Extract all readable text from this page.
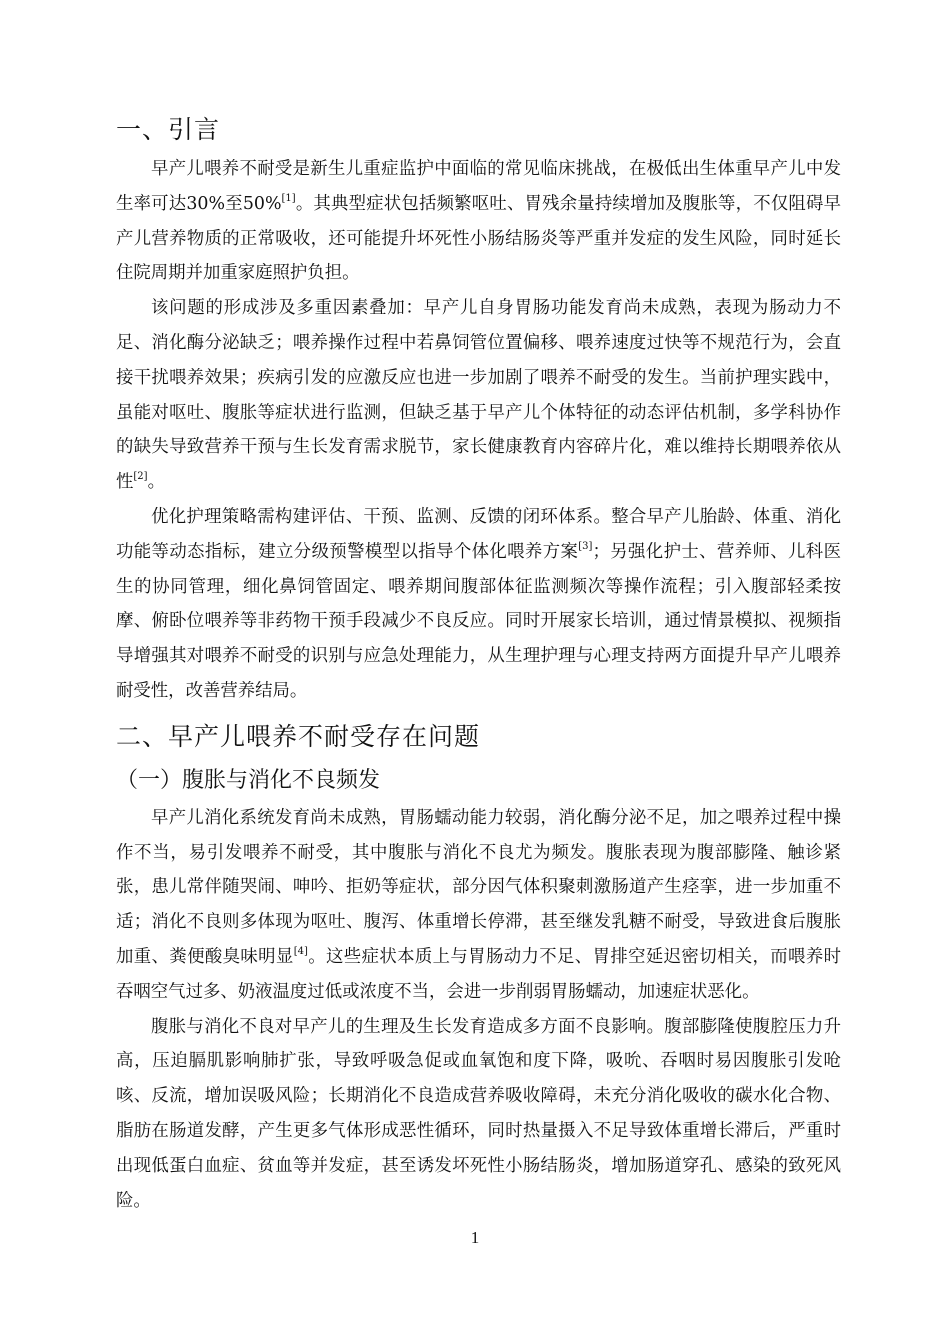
一、引言

早产儿喂养不耐受是新生儿重症监护中面临的常见临床挑战，在极低出生体重早产儿中发生率可达30%至50%[1]。其典型症状包括频繁呕吐、胃残余量持续增加及腹胀等，不仅阻碍早产儿营养物质的正常吸收，还可能提升坏死性小肠结肠炎等严重并发症的发生风险，同时延长住院周期并加重家庭照护负担。

该问题的形成涉及多重因素叠加：早产儿自身胃肠功能发育尚未成熟，表现为肠动力不足、消化酶分泌缺乏；喂养操作过程中若鼻饲管位置偏移、喂养速度过快等不规范行为，会直接干扰喂养效果；疾病引发的应激反应也进一步加剧了喂养不耐受的发生。当前护理实践中，虽能对呕吐、腹胀等症状进行监测，但缺乏基于早产儿个体特征的动态评估机制，多学科协作的缺失导致营养干预与生长发育需求脱节，家长健康教育内容碎片化，难以维持长期喂养依从性[2]。

优化护理策略需构建评估、干预、监测、反馈的闭环体系。整合早产儿胎龄、体重、消化功能等动态指标，建立分级预警模型以指导个体化喂养方案[3]；另强化护士、营养师、儿科医生的协同管理，细化鼻饲管固定、喂养期间腹部体征监测频次等操作流程；引入腹部轻柔按摩、俯卧位喂养等非药物干预手段减少不良反应。同时开展家长培训，通过情景模拟、视频指导增强其对喂养不耐受的识别与应急处理能力，从生理护理与心理支持两方面提升早产儿喂养耐受性，改善营养结局。

二、早产儿喂养不耐受存在问题
（一）腹胀与消化不良频发

早产儿消化系统发育尚未成熟，胃肠蠕动能力较弱，消化酶分泌不足，加之喂养过程中操作不当，易引发喂养不耐受，其中腹胀与消化不良尤为频发。腹胀表现为腹部膨隆、触诊紧张，患儿常伴随哭闹、呻吟、拒奶等症状，部分因气体积聚刺激肠道产生痉挛，进一步加重不适；消化不良则多体现为呕吐、腹泻、体重增长停滞，甚至继发乳糖不耐受，导致进食后腹胀加重、粪便酸臭味明显[4]。这些症状本质上与胃肠动力不足、胃排空延迟密切相关，而喂养时吞咽空气过多、奶液温度过低或浓度不当，会进一步削弱胃肠蠕动，加速症状恶化。

腹胀与消化不良对早产儿的生理及生长发育造成多方面不良影响。腹部膨隆使腹腔压力升高，压迫膈肌影响肺扩张，导致呼吸急促或血氧饱和度下降，吸吮、吞咽时易因腹胀引发呛咳、反流，增加误吸风险；长期消化不良造成营养吸收障碍，未充分消化吸收的碳水化合物、脂肪在肠道发酵，产生更多气体形成恶性循环，同时热量摄入不足导致体重增长滞后，严重时出现低蛋白血症、贫血等并发症，甚至诱发坏死性小肠结肠炎，增加肠道穿孔、感染的致死风险。

1
